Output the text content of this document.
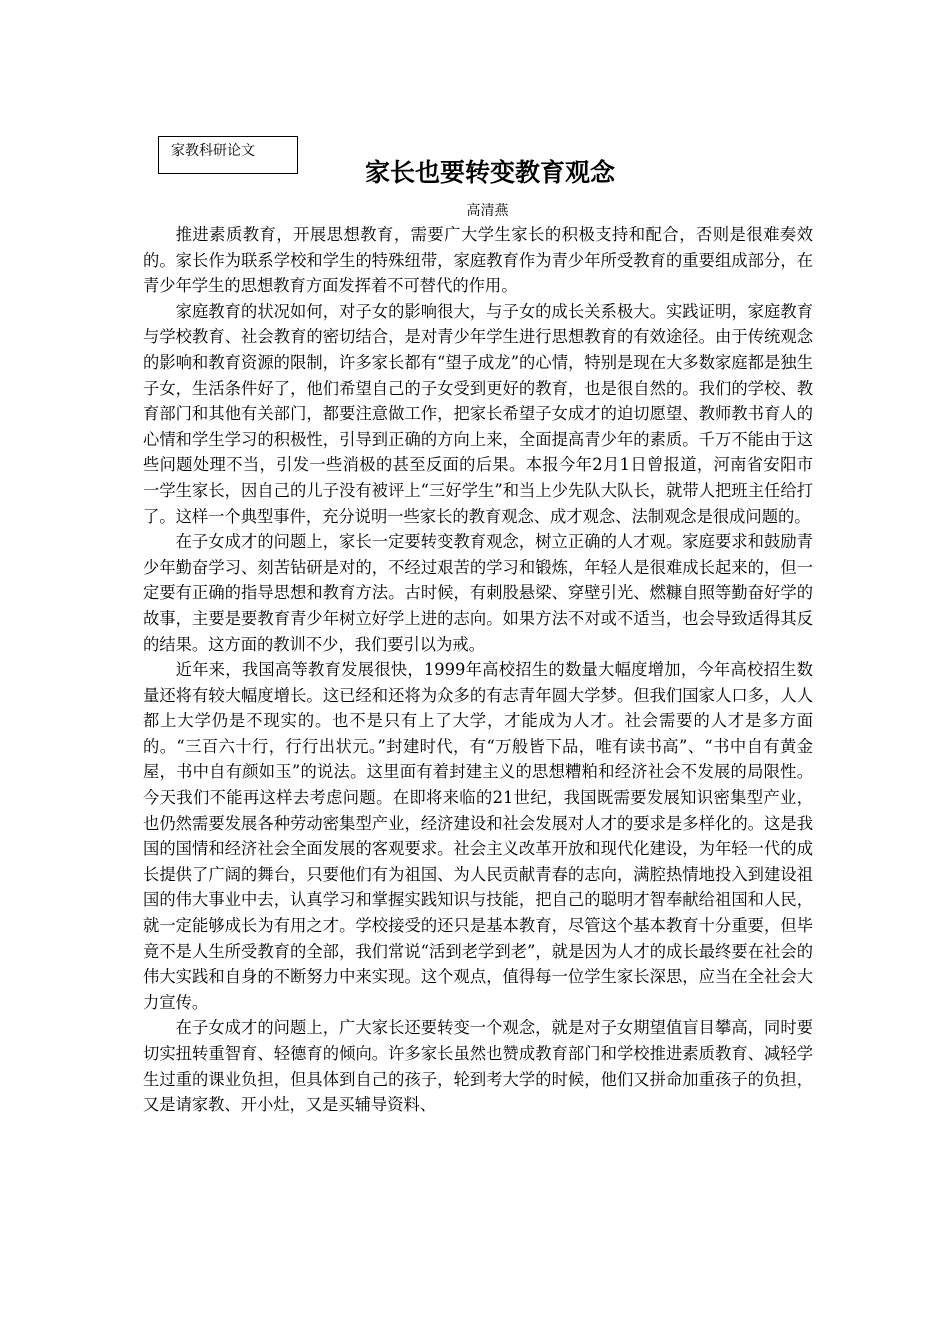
家教科研论文
家长也要转变教育观念
高清燕

推进素质教育，开展思想教育，需要广大学生家长的积极支持和配合，否则是很难奏效的。家长作为联系学校和学生的特殊纽带，家庭教育作为青少年所受教育的重要组成部分，在青少年学生的思想教育方面发挥着不可替代的作用。

家庭教育的状况如何，对子女的影响很大，与子女的成长关系极大。实践证明，家庭教育与学校教育、社会教育的密切结合，是对青少年学生进行思想教育的有效途径。由于传统观念的影响和教育资源的限制，许多家长都有“望子成龙”的心情，特别是现在大多数家庭都是独生子女，生活条件好了，他们希望自己的子女受到更好的教育，也是很自然的。我们的学校、教育部门和其他有关部门，都要注意做工作，把家长希望子女成才的迫切愿望、教师教书育人的心情和学生学习的积极性，引导到正确的方向上来，全面提高青少年的素质。千万不能由于这些问题处理不当，引发一些消极的甚至反面的后果。本报今年2月1日曾报道，河南省安阳市一学生家长，因自己的儿子没有被评上“三好学生”和当上少先队大队长，就带人把班主任给打了。这样一个典型事件，充分说明一些家长的教育观念、成才观念、法制观念是很成问题的。

在子女成才的问题上，家长一定要转变教育观念，树立正确的人才观。家庭要求和鼓励青少年勤奋学习、刻苦钻研是对的，不经过艰苦的学习和锻炼，年轻人是很难成长起来的，但一定要有正确的指导思想和教育方法。古时候，有刺股悬梁、穿壁引光、燃糠自照等勤奋好学的故事，主要是要教育青少年树立好学上进的志向。如果方法不对或不适当，也会导致适得其反的结果。这方面的教训不少，我们要引以为戒。

近年来，我国高等教育发展很快，1999年高校招生的数量大幅度增加，今年高校招生数量还将有较大幅度增长。这已经和还将为众多的有志青年圆大学梦。但我们国家人口多，人人都上大学仍是不现实的。也不是只有上了大学，才能成为人才。社会需要的人才是多方面的。“三百六十行，行行出状元。”封建时代，有“万般皆下品，唯有读书高”、“书中自有黄金屋，书中自有颜如玉”的说法。这里面有着封建主义的思想糟粕和经济社会不发展的局限性。今天我们不能再这样去考虑问题。在即将来临的21世纪，我国既需要发展知识密集型产业，也仍然需要发展各种劳动密集型产业，经济建设和社会发展对人才的要求是多样化的。这是我国的国情和经济社会全面发展的客观要求。社会主义改革开放和现代化建设，为年轻一代的成长提供了广阔的舞台，只要他们有为祖国、为人民贡献青春的志向，满腔热情地投入到建设祖国的伟大事业中去，认真学习和掌握实践知识与技能，把自己的聪明才智奉献给祖国和人民，就一定能够成长为有用之才。学校接受的还只是基本教育，尽管这个基本教育十分重要，但毕竟不是人生所受教育的全部，我们常说“活到老学到老”，就是因为人才的成长最终要在社会的伟大实践和自身的不断努力中来实现。这个观点，值得每一位学生家长深思，应当在全社会大力宣传。

在子女成才的问题上，广大家长还要转变一个观念，就是对子女期望值盲目攀高，同时要切实扭转重智育、轻德育的倾向。许多家长虽然也赞成教育部门和学校推进素质教育、减轻学生过重的课业负担，但具体到自己的孩子，轮到考大学的时候，他们又拼命加重孩子的负担，又是请家教、开小灶，又是买辅导资料、
